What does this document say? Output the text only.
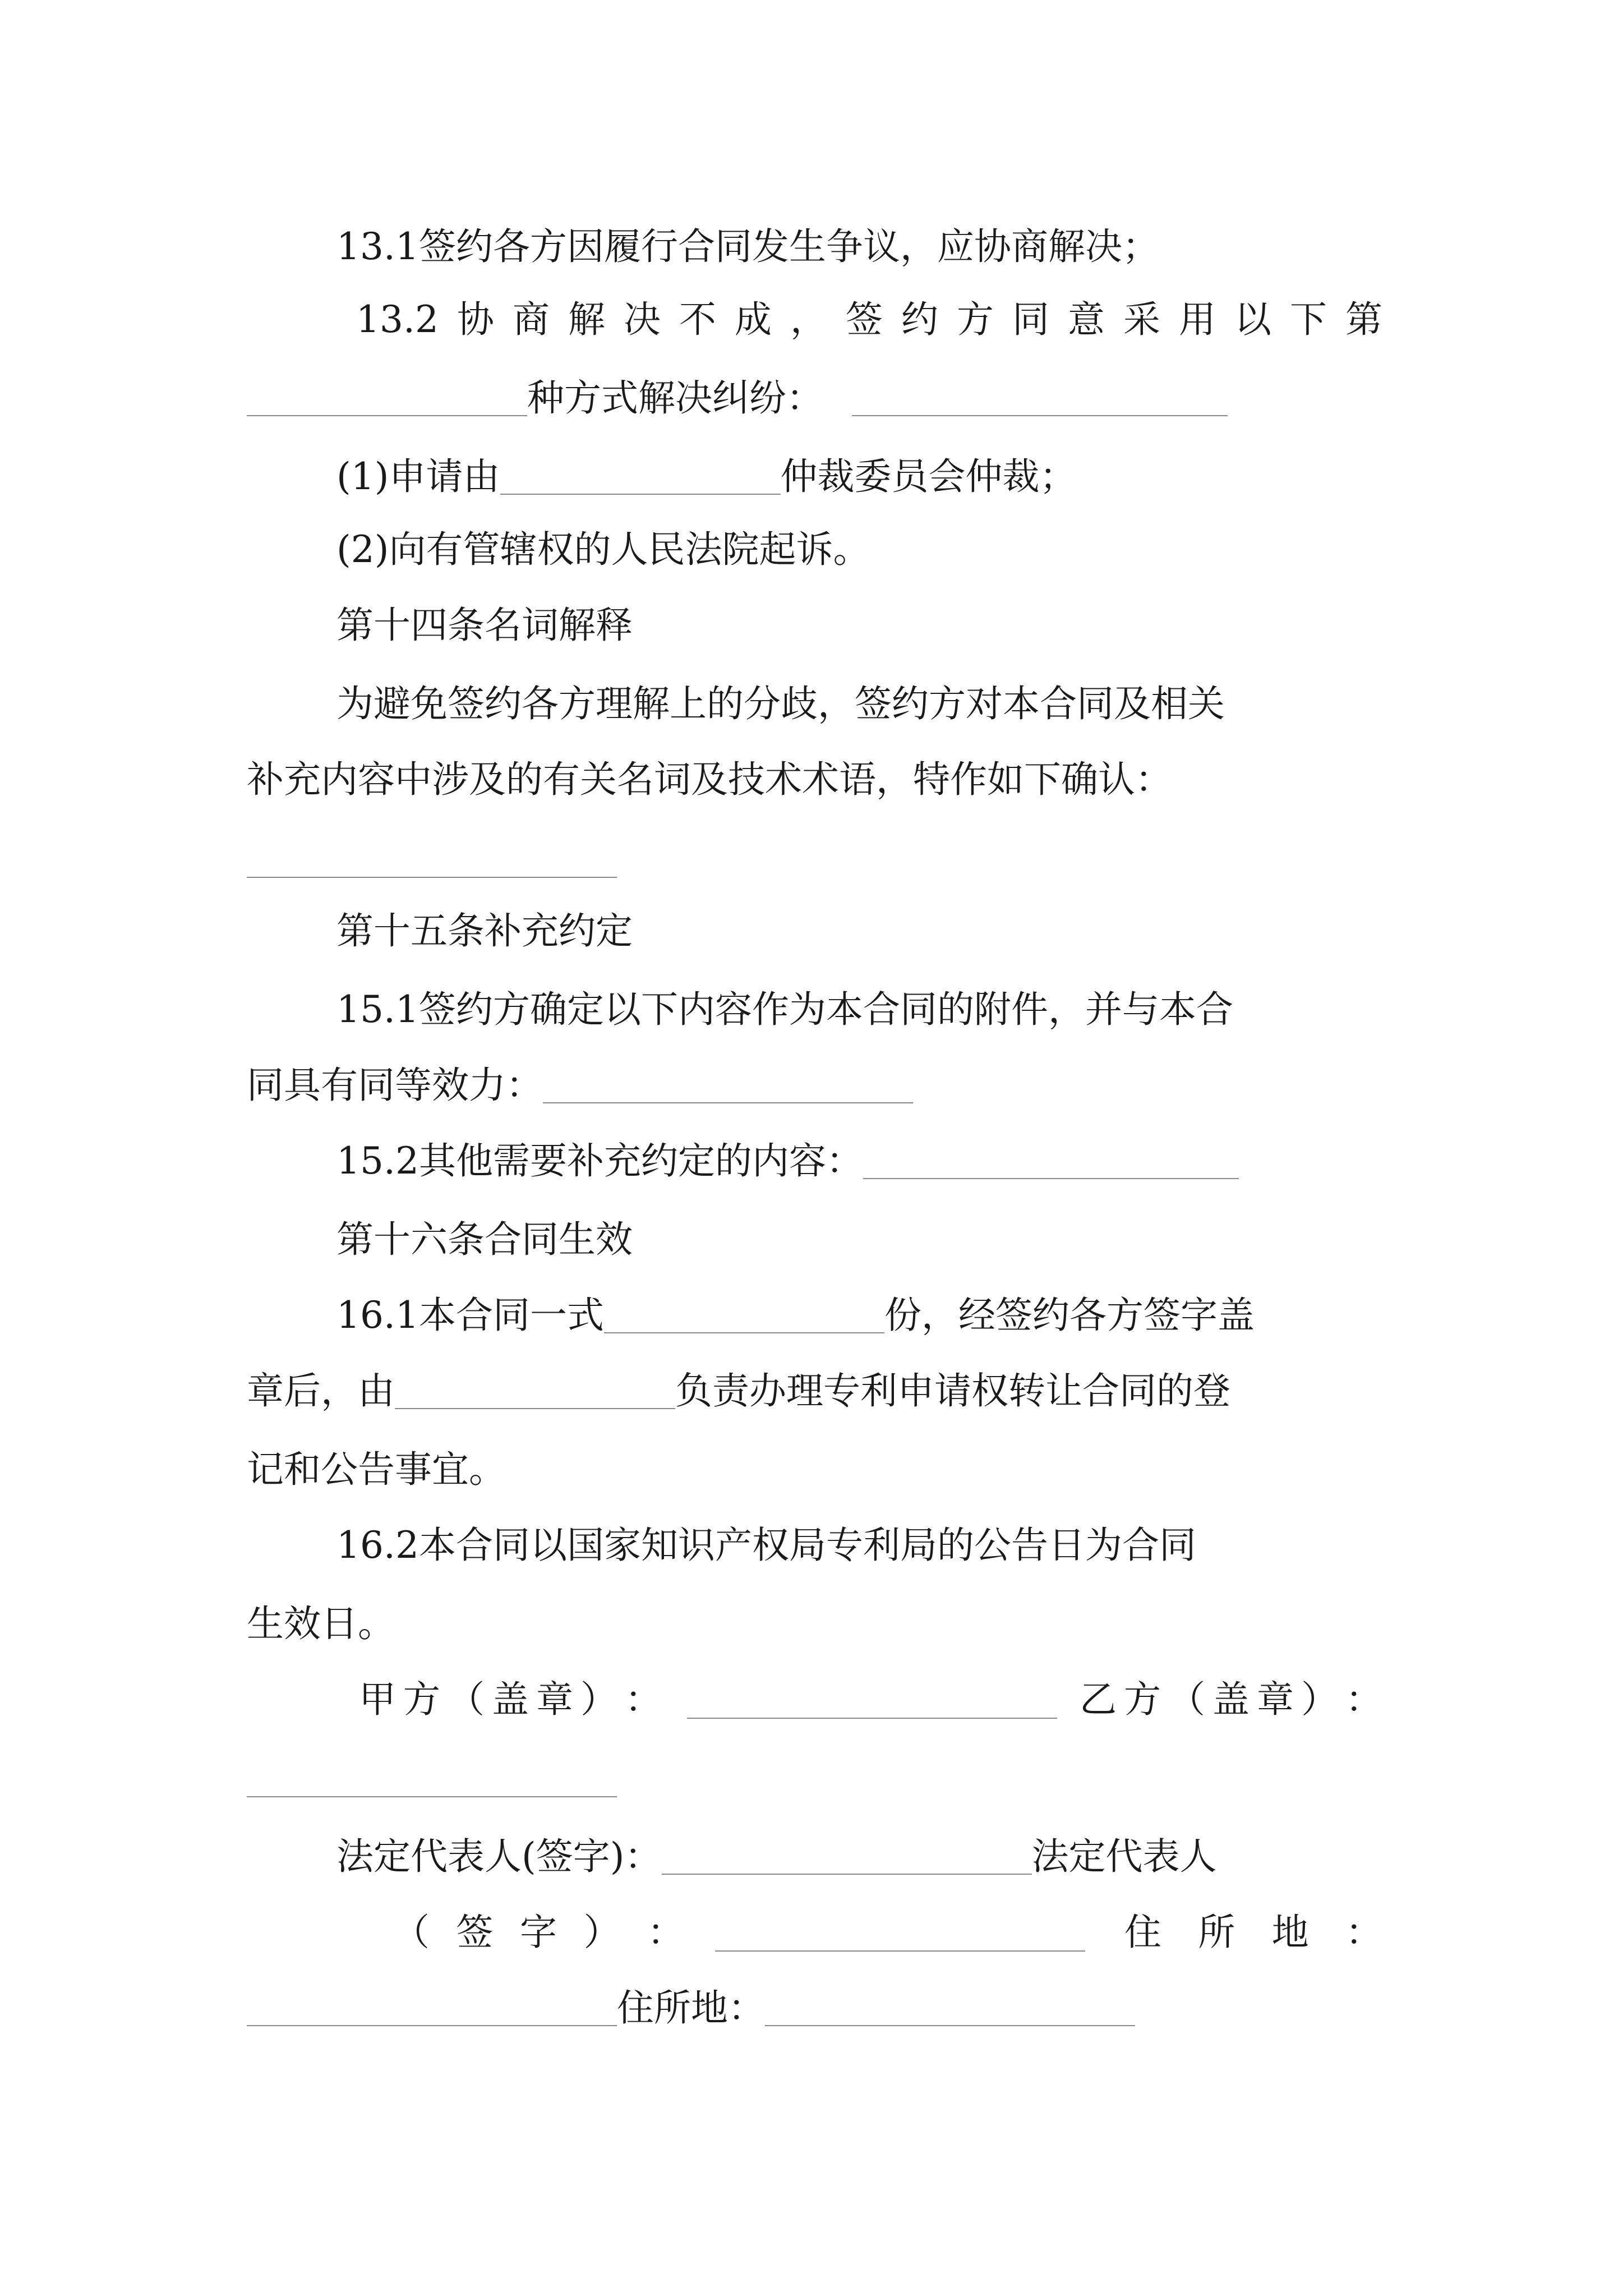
13.1签约各方因履行合同发生争议，应协商解决；
13.2 协 商 解 决 不 成 ， 签 约 方 同 意 采 用 以 下 第
种方式解决纠纷：
(1)申请由	仲裁委员会仲裁；
(2)向有管辖权的人民法院起诉。
第十四条名词解释
为避免签约各方理解上的分歧，签约方对本合同及相关
补充内容中涉及的有关名词及技术术语，特作如下确认：
第十五条补充约定
15.1签约方确定以下内容作为本合同的附件，并与本合
同具有同等效力：
15.2其他需要补充约定的内容：
第十六条合同生效
16.1本合同一式	份，经签约各方签字盖
章后，由	负责办理专利申请权转让合同的登
记和公告事宜。
16.2本合同以国家知识产权局专利局的公告日为合同
生效日。
甲 方 （ 盖 章 ） ：	乙 方 （ 盖 章 ） ：
法定代表人(签字)：	法定代表人
（ 签 字 ） ：	住 所 地 ：
住所地：
